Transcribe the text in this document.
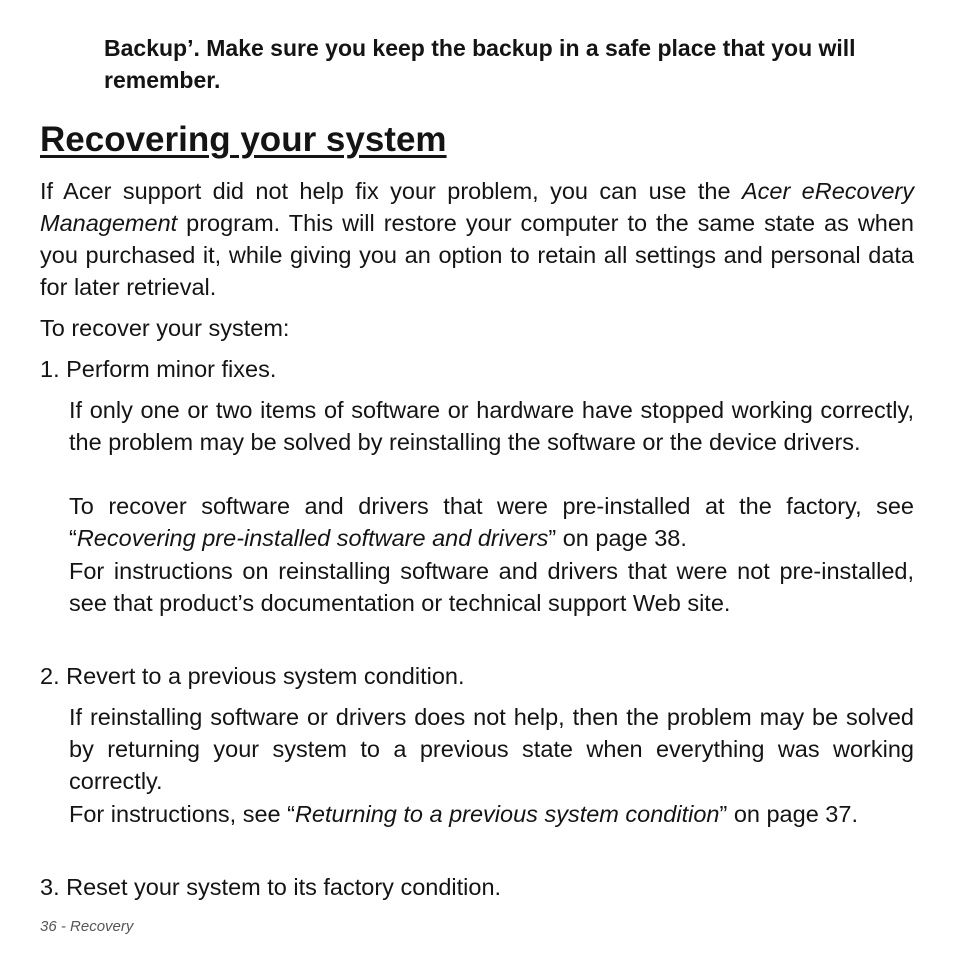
Backup’. Make sure you keep the backup in a safe place that you will remember.

Recovering your system

If Acer support did not help fix your problem, you can use the Acer eRecovery Management program. This will restore your computer to the same state as when you purchased it, while giving you an option to retain all settings and personal data for later retrieval.

To recover your system:

1. Perform minor fixes.

If only one or two items of software or hardware have stopped working correctly, the problem may be solved by reinstalling the software or the device drivers.

To recover software and drivers that were pre-installed at the factory, see “Recovering pre-installed software and drivers” on page 38.

For instructions on reinstalling software and drivers that were not pre-installed, see that product’s documentation or technical support Web site.

2. Revert to a previous system condition.

If reinstalling software or drivers does not help, then the problem may be solved by returning your system to a previous state when everything was working correctly.

For instructions, see “Returning to a previous system condition” on page 37.

3. Reset your system to its factory condition.

36 - Recovery
